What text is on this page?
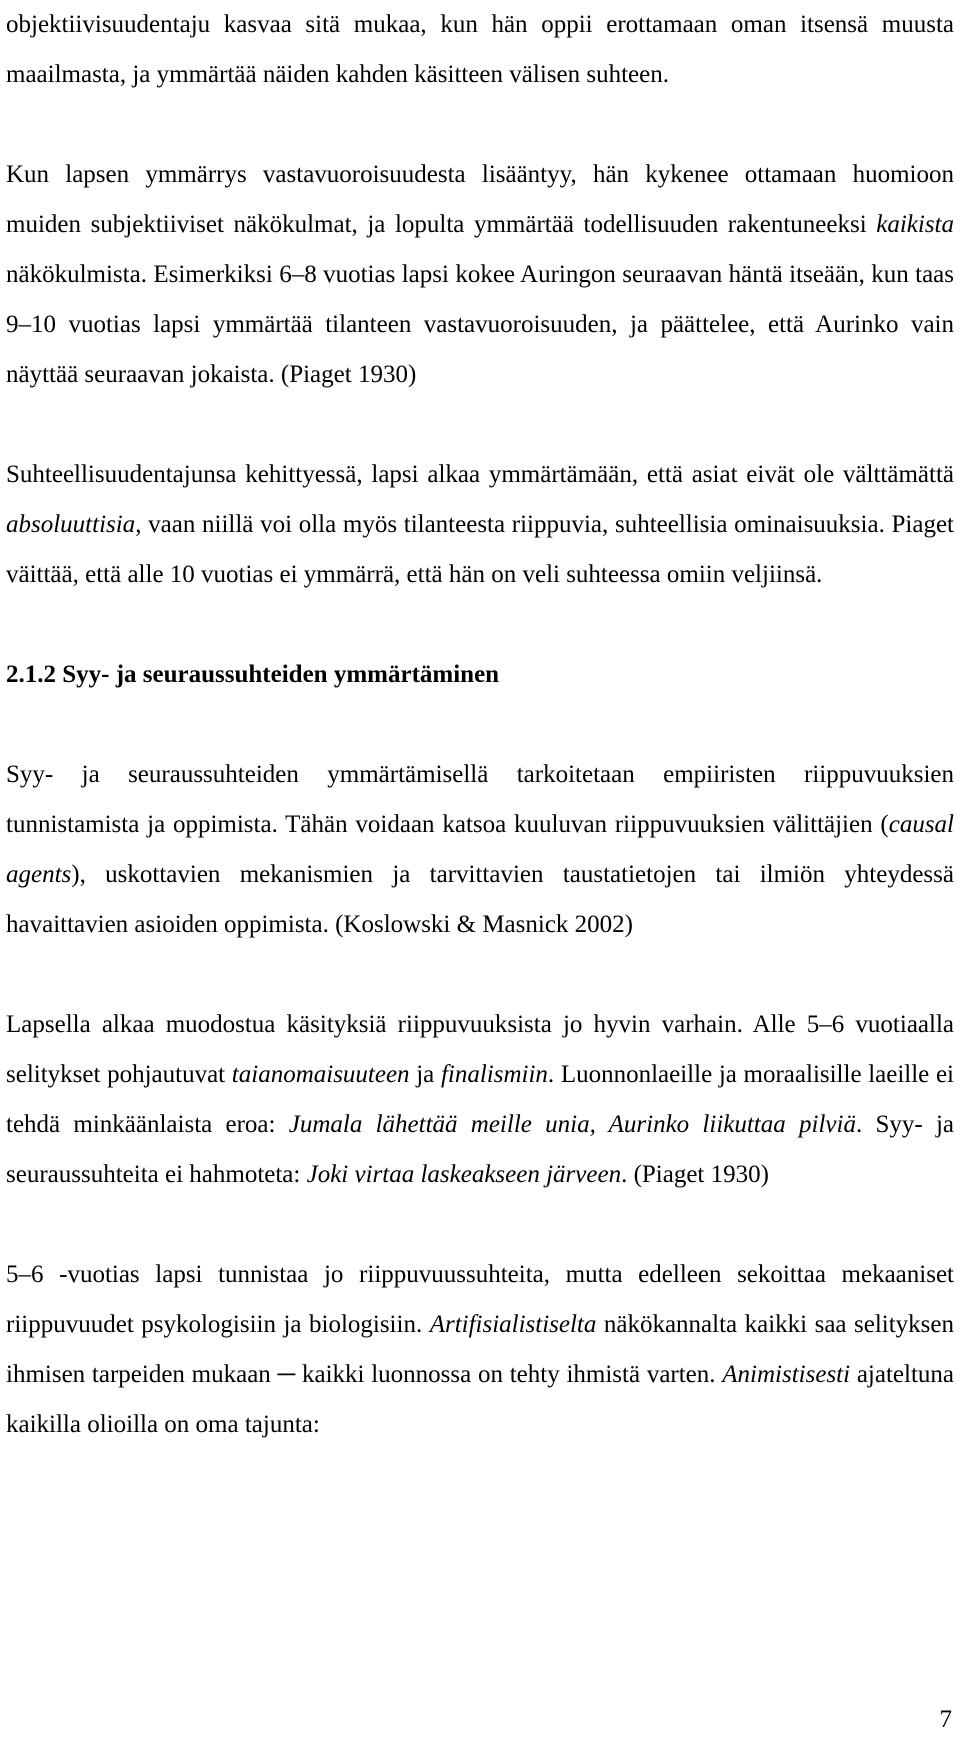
objektiivisuudentaju kasvaa sitä mukaa, kun hän oppii erottamaan oman itsensä muusta maailmasta, ja ymmärtää näiden kahden käsitteen välisen suhteen.

Kun lapsen ymmärrys vastavuoroisuudesta lisääntyy, hän kykenee ottamaan huomioon muiden subjektiiviset näkökulmat, ja lopulta ymmärtää todellisuuden rakentuneeksi kaikista näkökulmista. Esimerkiksi 6–8 vuotias lapsi kokee Auringon seuraavan häntä itseään, kun taas 9–10 vuotias lapsi ymmärtää tilanteen vastavuoroisuuden, ja päättelee, että Aurinko vain näyttää seuraavan jokaista. (Piaget 1930)

Suhteellisuudentajunsa kehittyessä, lapsi alkaa ymmärtämään, että asiat eivät ole välttämättä absoluuttisia, vaan niillä voi olla myös tilanteesta riippuvia, suhteellisia ominaisuuksia. Piaget väittää, että alle 10 vuotias ei ymmärrä, että hän on veli suhteessa omiin veljiinsä.

2.1.2 Syy- ja seuraussuhteiden ymmärtäminen

Syy- ja seuraussuhteiden ymmärtämisellä tarkoitetaan empiiristen riippuvuuksien tunnistamista ja oppimista. Tähän voidaan katsoa kuuluvan riippuvuuksien välittäjien (causal agents), uskottavien mekanismien ja tarvittavien taustatietojen tai ilmiön yhteydessä havaittavien asioiden oppimista. (Koslowski & Masnick 2002)

Lapsella alkaa muodostua käsityksiä riippuvuuksista jo hyvin varhain. Alle 5–6 vuotiaalla selitykset pohjautuvat taianomaisuuteen ja finalismiin. Luonnonlaeille ja moraalisille laeille ei tehdä minkäänlaista eroa: Jumala lähettää meille unia, Aurinko liikuttaa pilviä. Syy- ja seuraussuhteita ei hahmoteta: Joki virtaa laskeakseen järveen. (Piaget 1930)

5–6 -vuotias lapsi tunnistaa jo riippuvuussuhteita, mutta edelleen sekoittaa mekaaniset riippuvuudet psykologisiin ja biologisiin. Artifisialistiselta näkökannalta kaikki saa selityksen ihmisen tarpeiden mukaan ─ kaikki luonnossa on tehty ihmistä varten. Animistisesti ajateltuna kaikilla olioilla on oma tajunta:

7
